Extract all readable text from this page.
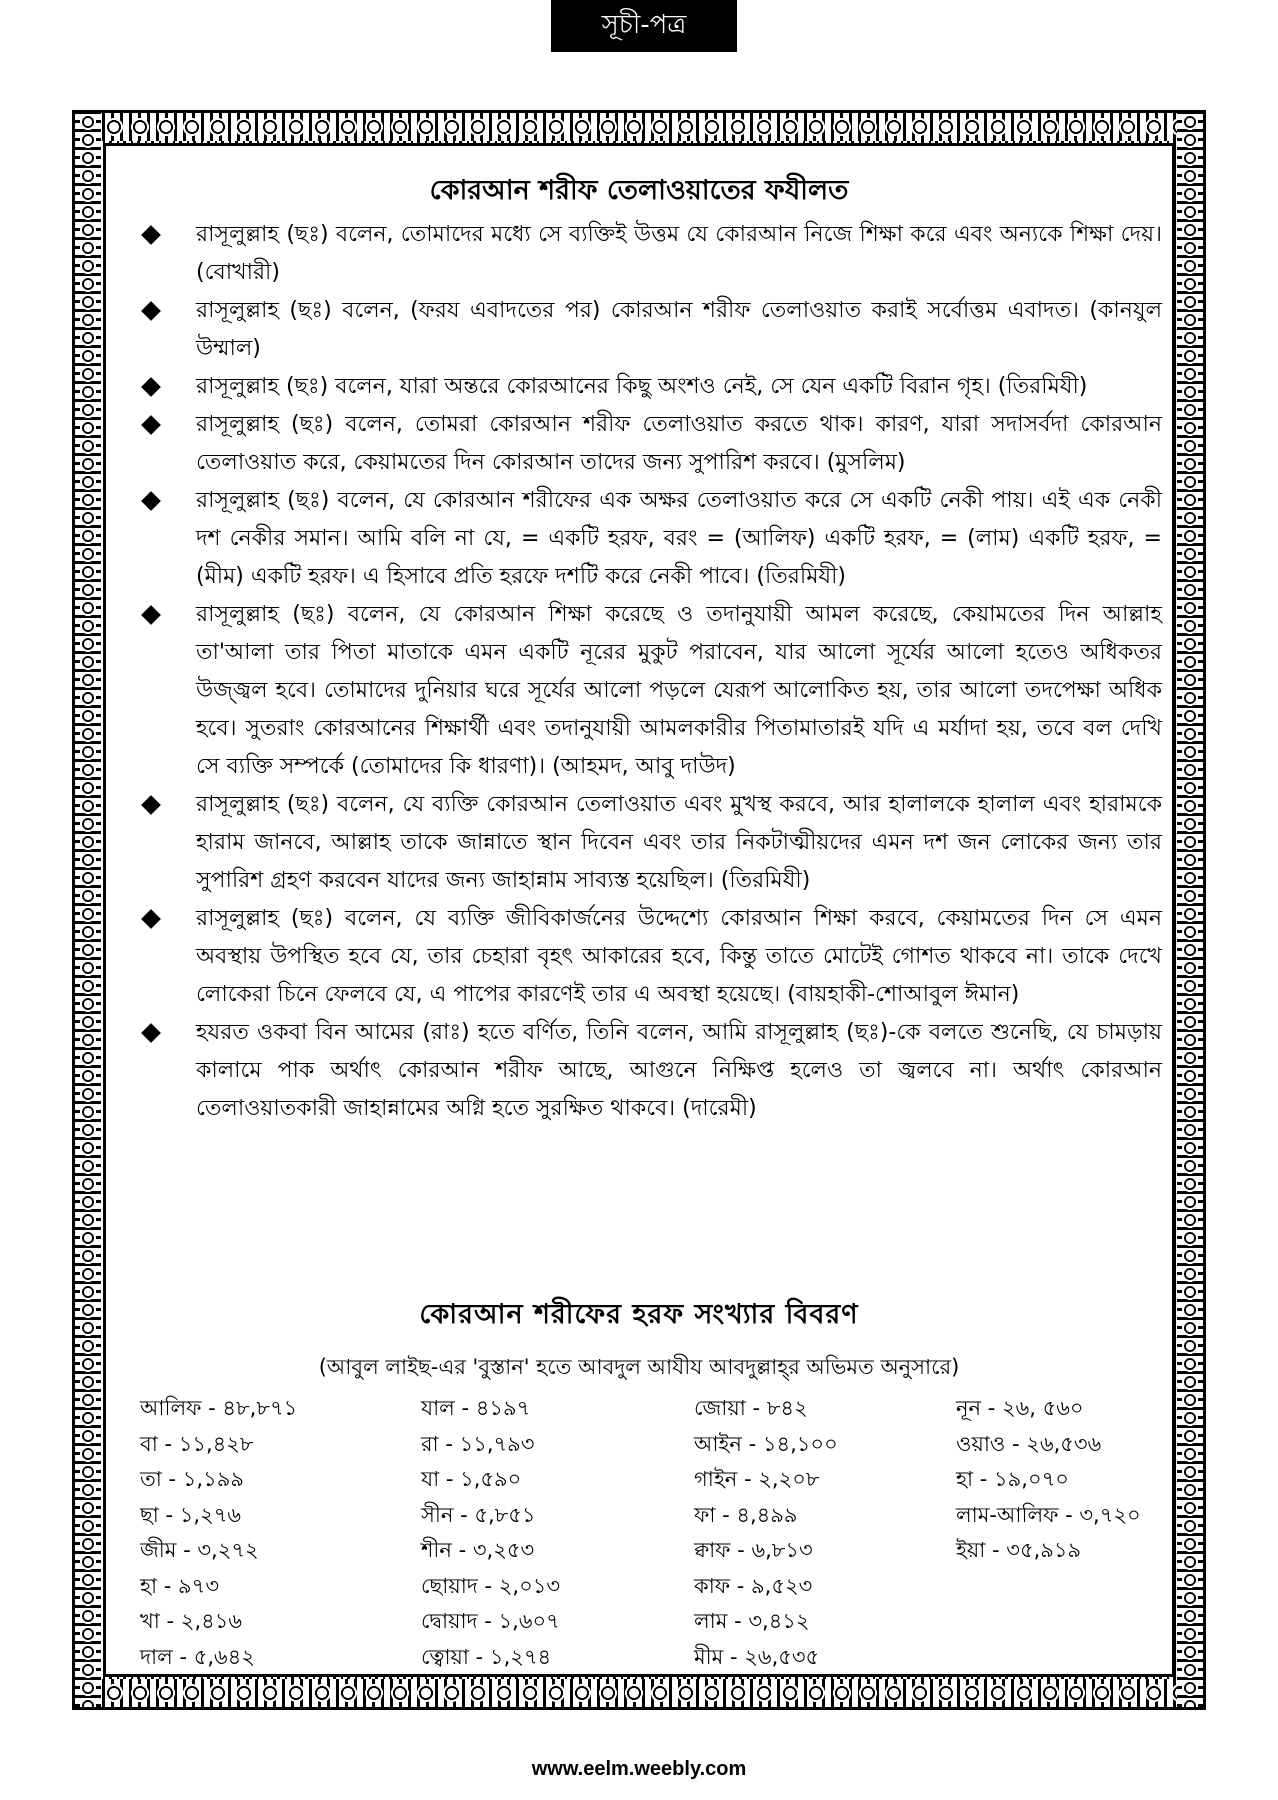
সূচী-পত্র
কোরআন শরীফ তেলাওয়াতের ফযীলত
রাসূলুল্লাহ (ছঃ) বলেন, তোমাদের মধ্যে সে ব্যক্তিই উত্তম যে কোরআন নিজে শিক্ষা করে এবং অন্যকে শিক্ষা দেয়। (বোখারী)
রাসূলুল্লাহ (ছঃ) বলেন, (ফরয এবাদতের পর) কোরআন শরীফ তেলাওয়াত করাই সর্বোত্তম এবাদত। (কানযুল উম্মাল)
রাসূলুল্লাহ (ছঃ) বলেন, যারা অন্তরে কোরআনের কিছু অংশও নেই, সে যেন একটি বিরান গৃহ। (তিরমিযী)
রাসূলুল্লাহ (ছঃ) বলেন, তোমরা কোরআন শরীফ তেলাওয়াত করতে থাক। কারণ, যারা সদাসর্বদা কোরআন তেলাওয়াত করে, কেয়ামতের দিন কোরআন তাদের জন্য সুপারিশ করবে। (মুসলিম)
রাসূলুল্লাহ (ছঃ) বলেন, যে কোরআন শরীফের এক অক্ষর তেলাওয়াত করে সে একটি নেকী পায়। এই এক নেকী দশ নেকীর সমান। আমি বলি না যে, = একটি হরফ, বরং = (আলিফ) একটি হরফ, = (লাম) একটি হরফ, = (মীম) একটি হরফ। এ হিসাবে প্রতি হরফে দশটি করে নেকী পাবে। (তিরমিযী)
রাসূলুল্লাহ (ছঃ) বলেন, যে কোরআন শিক্ষা করেছে ও তদানুযায়ী আমল করেছে, কেয়ামতের দিন আল্লাহ তা'আলা তার পিতা মাতাকে এমন একটি নূরের মুকুট পরাবেন, যার আলো সূর্যের আলো হতেও অধিকতর উজ্জ্বল হবে। তোমাদের দুনিয়ার ঘরে সূর্যের আলো পড়লে যেরূপ আলোকিত হয়, তার আলো তদপেক্ষা অধিক হবে। সুতরাং কোরআনের শিক্ষার্থী এবং তদানুযায়ী আমলকারীর পিতামাতারই যদি এ মর্যাদা হয়, তবে বল দেখি সে ব্যক্তি সম্পর্কে (তোমাদের কি ধারণা)। (আহমদ, আবু দাউদ)
রাসূলুল্লাহ (ছঃ) বলেন, যে ব্যক্তি কোরআন তেলাওয়াত এবং মুখস্থ করবে, আর হালালকে হালাল এবং হারামকে হারাম জানবে, আল্লাহ তাকে জান্নাতে স্থান দিবেন এবং তার নিকটাত্মীয়দের এমন দশ জন লোকের জন্য তার সুপারিশ গ্রহণ করবেন যাদের জন্য জাহান্নাম সাব্যস্ত হয়েছিল। (তিরমিযী)
রাসূলুল্লাহ (ছঃ) বলেন, যে ব্যক্তি জীবিকার্জনের উদ্দেশ্যে কোরআন শিক্ষা করবে, কেয়ামতের দিন সে এমন অবস্থায় উপস্থিত হবে যে, তার চেহারা বৃহৎ আকারের হবে, কিন্তু তাতে মোটেই গোশত থাকবে না। তাকে দেখে লোকেরা চিনে ফেলবে যে, এ পাপের কারণেই তার এ অবস্থা হয়েছে। (বায়হাকী-শোআবুল ঈমান)
হযরত ওকবা বিন আমের (রাঃ) হতে বর্ণিত, তিনি বলেন, আমি রাসূলুল্লাহ (ছঃ)-কে বলতে শুনেছি, যে চামড়ায় কালামে পাক অর্থাৎ কোরআন শরীফ আছে, আগুনে নিক্ষিপ্ত হলেও তা জ্বলবে না। অর্থাৎ কোরআন তেলাওয়াতকারী জাহান্নামের অগ্নি হতে সুরক্ষিত থাকবে। (দারেমী)
কোরআন শরীফের হরফ সংখ্যার বিবরণ
(আবুল লাইছ-এর 'বুস্তান' হতে আবদুল আযীয আবদুল্লাহ্‌র অভিমত অনুসারে)
আলিফ - ৪৮,৮৭১	যাল - ৪১৯৭	জোয়া - ৮৪২	নূন - ২৬, ৫৬০
বা - ১১,৪২৮	রা - ১১,৭৯৩	আইন - ১৪,১০০	ওয়াও - ২৬,৫৩৬
তা - ১,১৯৯	যা - ১,৫৯০	গাইন - ২,২০৮	হা - ১৯,০৭০
ছা - ১,২৭৬	সীন - ৫,৮৫১	ফা - ৪,৪৯৯	লাম-আলিফ - ৩,৭২০
জীম - ৩,২৭২	শীন - ৩,২৫৩	ক্বাফ - ৬,৮১৩	ইয়া - ৩৫,৯১৯
হা - ৯৭৩	ছোয়াদ - ২,০১৩	কাফ - ৯,৫২৩
খা - ২,৪১৬	দ্বোয়াদ - ১,৬০৭	লাম - ৩,৪১২
দাল - ৫,৬৪২	ত্বোয়া - ১,২৭৪	মীম - ২৬,৫৩৫
www.eelm.weebly.com
